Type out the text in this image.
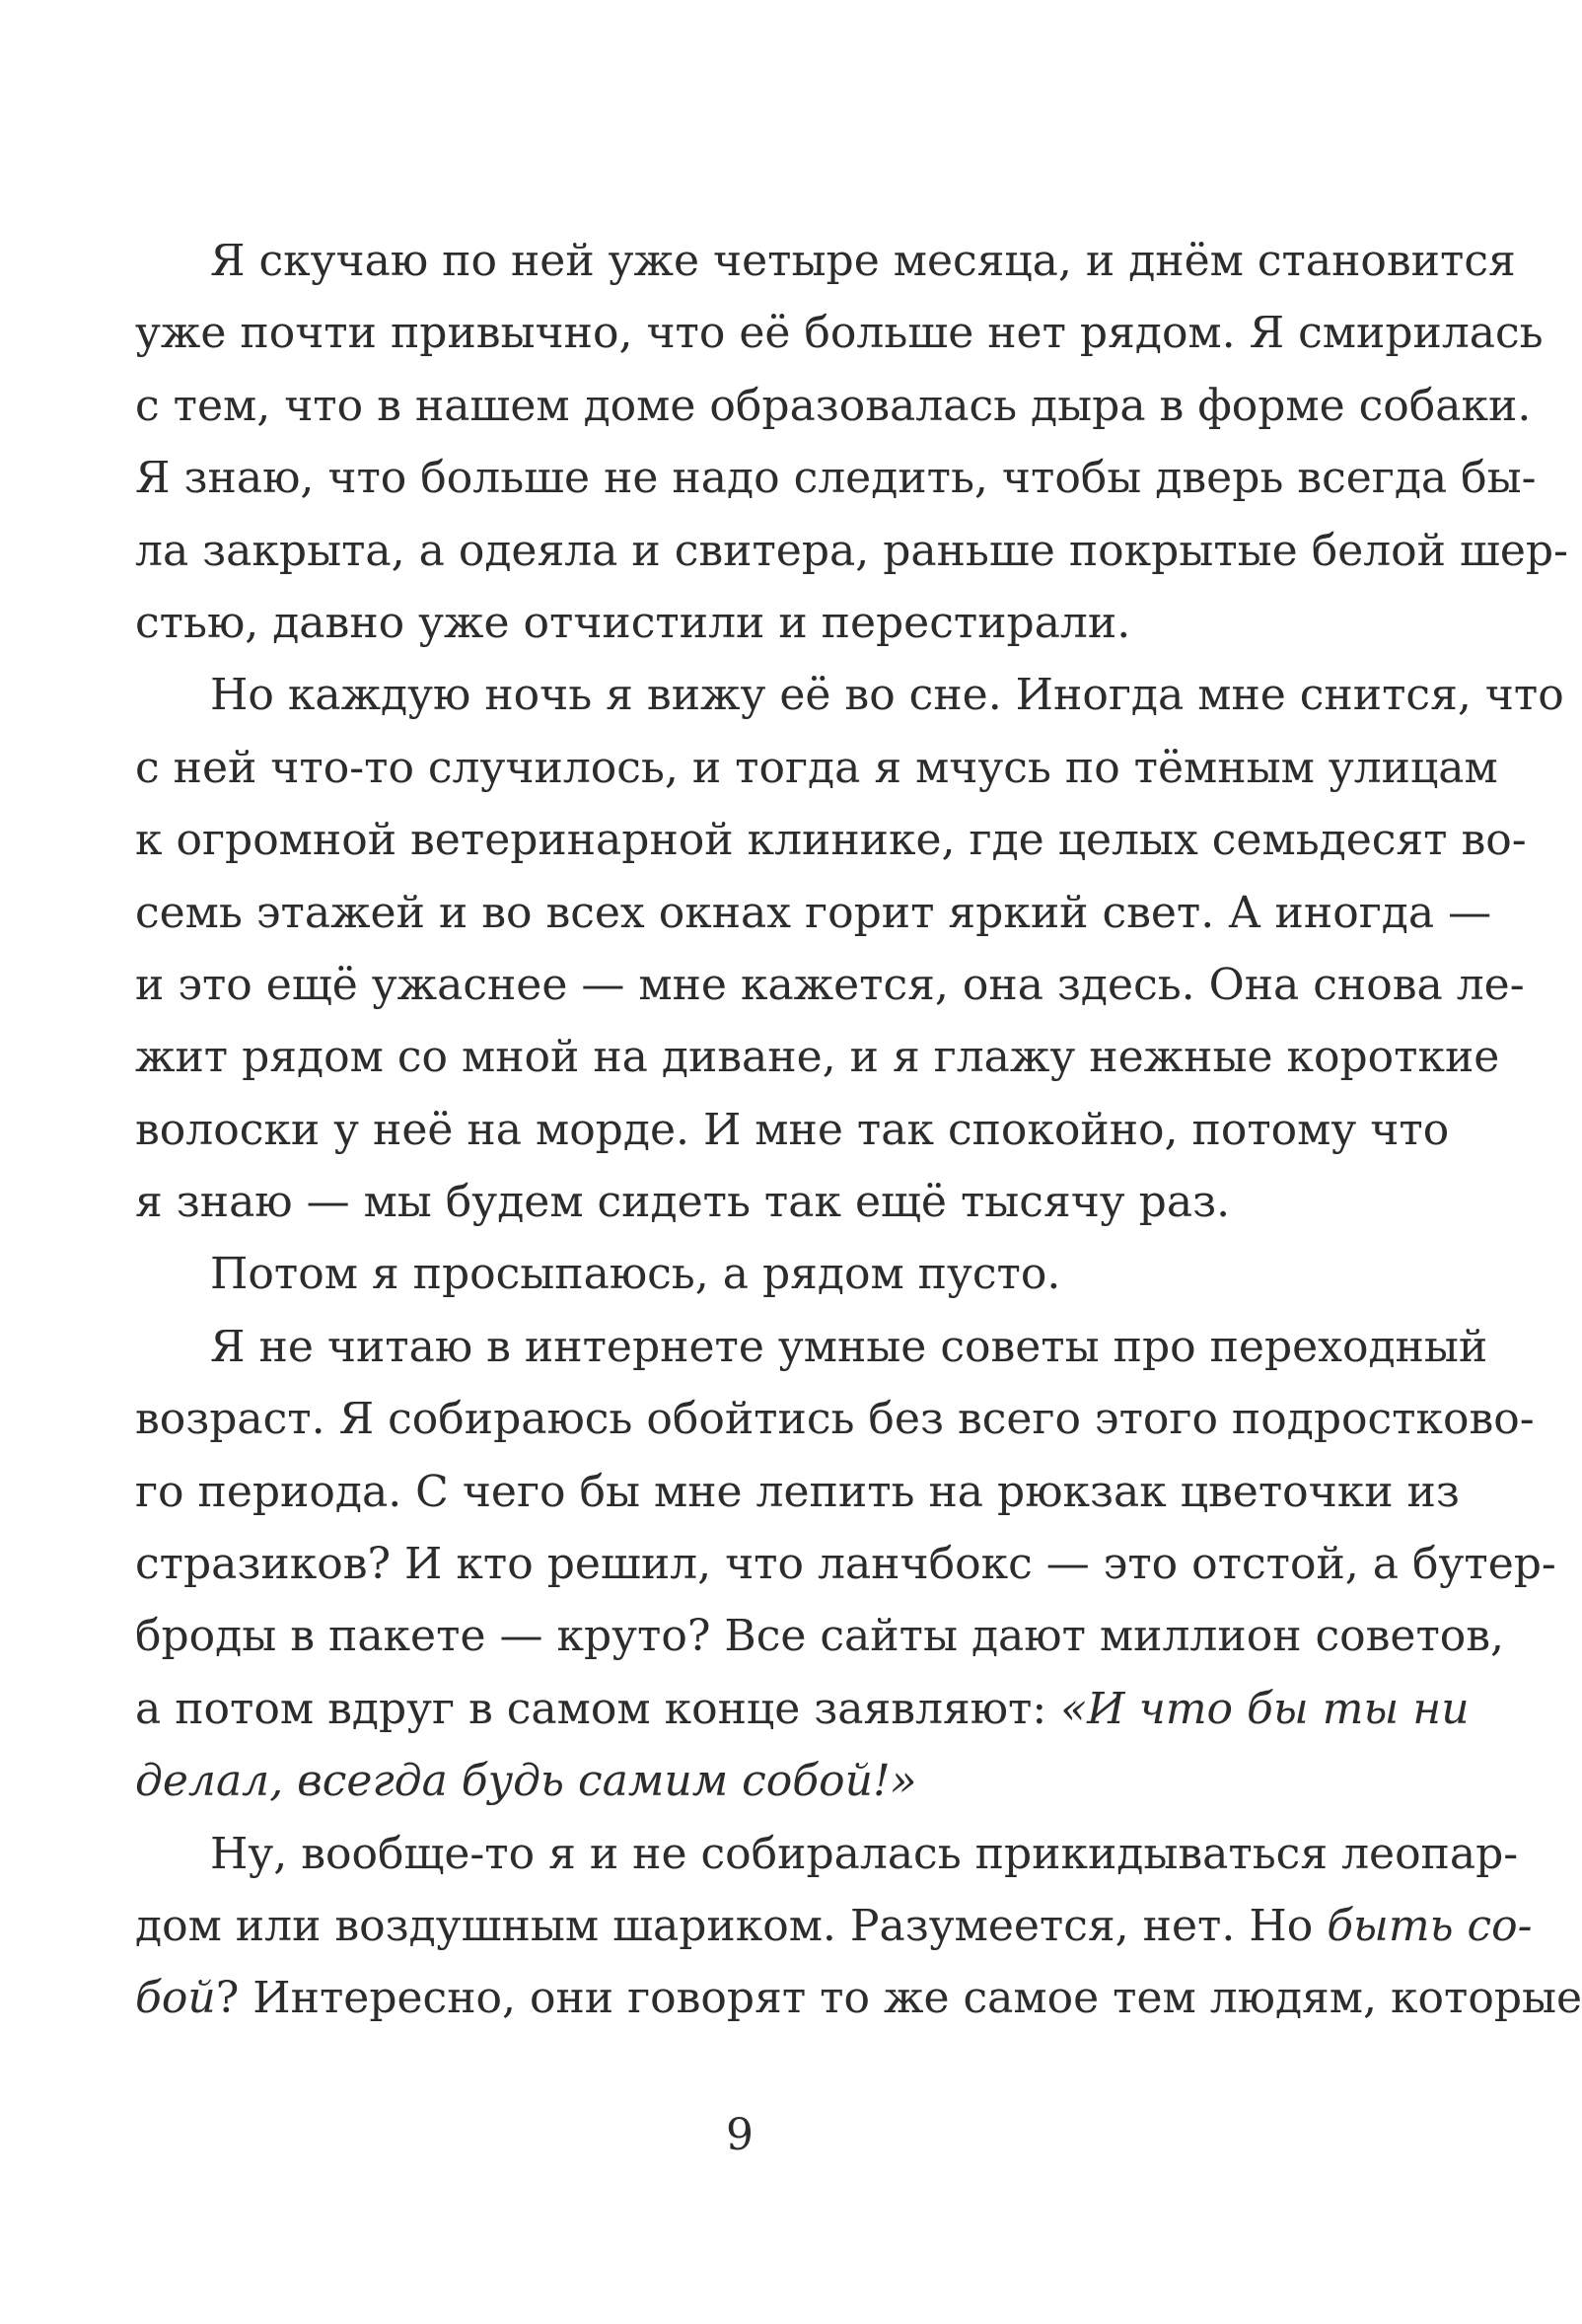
Я скучаю по ней уже четыре месяца, и днём становится
уже почти привычно, что её больше нет рядом. Я смирилась
с тем, что в нашем доме образовалась дыра в форме собаки.
Я знаю, что больше не надо следить, чтобы дверь всегда бы-
ла закрыта, а одеяла и свитера, раньше покрытые белой шер-
стью, давно уже отчистили и перестирали.
Но каждую ночь я вижу её во сне. Иногда мне снится, что
с ней что-то случилось, и тогда я мчусь по тёмным улицам
к огромной ветеринарной клинике, где целых семьдесят во-
семь этажей и во всех окнах горит яркий свет. А иногда —
и это ещё ужаснее — мне кажется, она здесь. Она снова ле-
жит рядом со мной на диване, и я глажу нежные короткие
волоски у неё на морде. И мне так спокойно, потому что
я знаю — мы будем сидеть так ещё тысячу раз.
Потом я просыпаюсь, а рядом пусто.
Я не читаю в интернете умные советы про переходный
возраст. Я собираюсь обойтись без всего этого подростково-
го периода. С чего бы мне лепить на рюкзак цветочки из
стразиков? И кто решил, что ланчбокс — это отстой, а бутер-
броды в пакете — круто? Все сайты дают миллион советов,
а потом вдруг в самом конце заявляют: «И что бы ты ни
делал, всегда будь самим собой!»
Ну, вообще-то я и не собиралась прикидываться леопар-
дом или воздушным шариком. Разумеется, нет. Но быть со-
бой? Интересно, они говорят то же самое тем людям, которые
9
